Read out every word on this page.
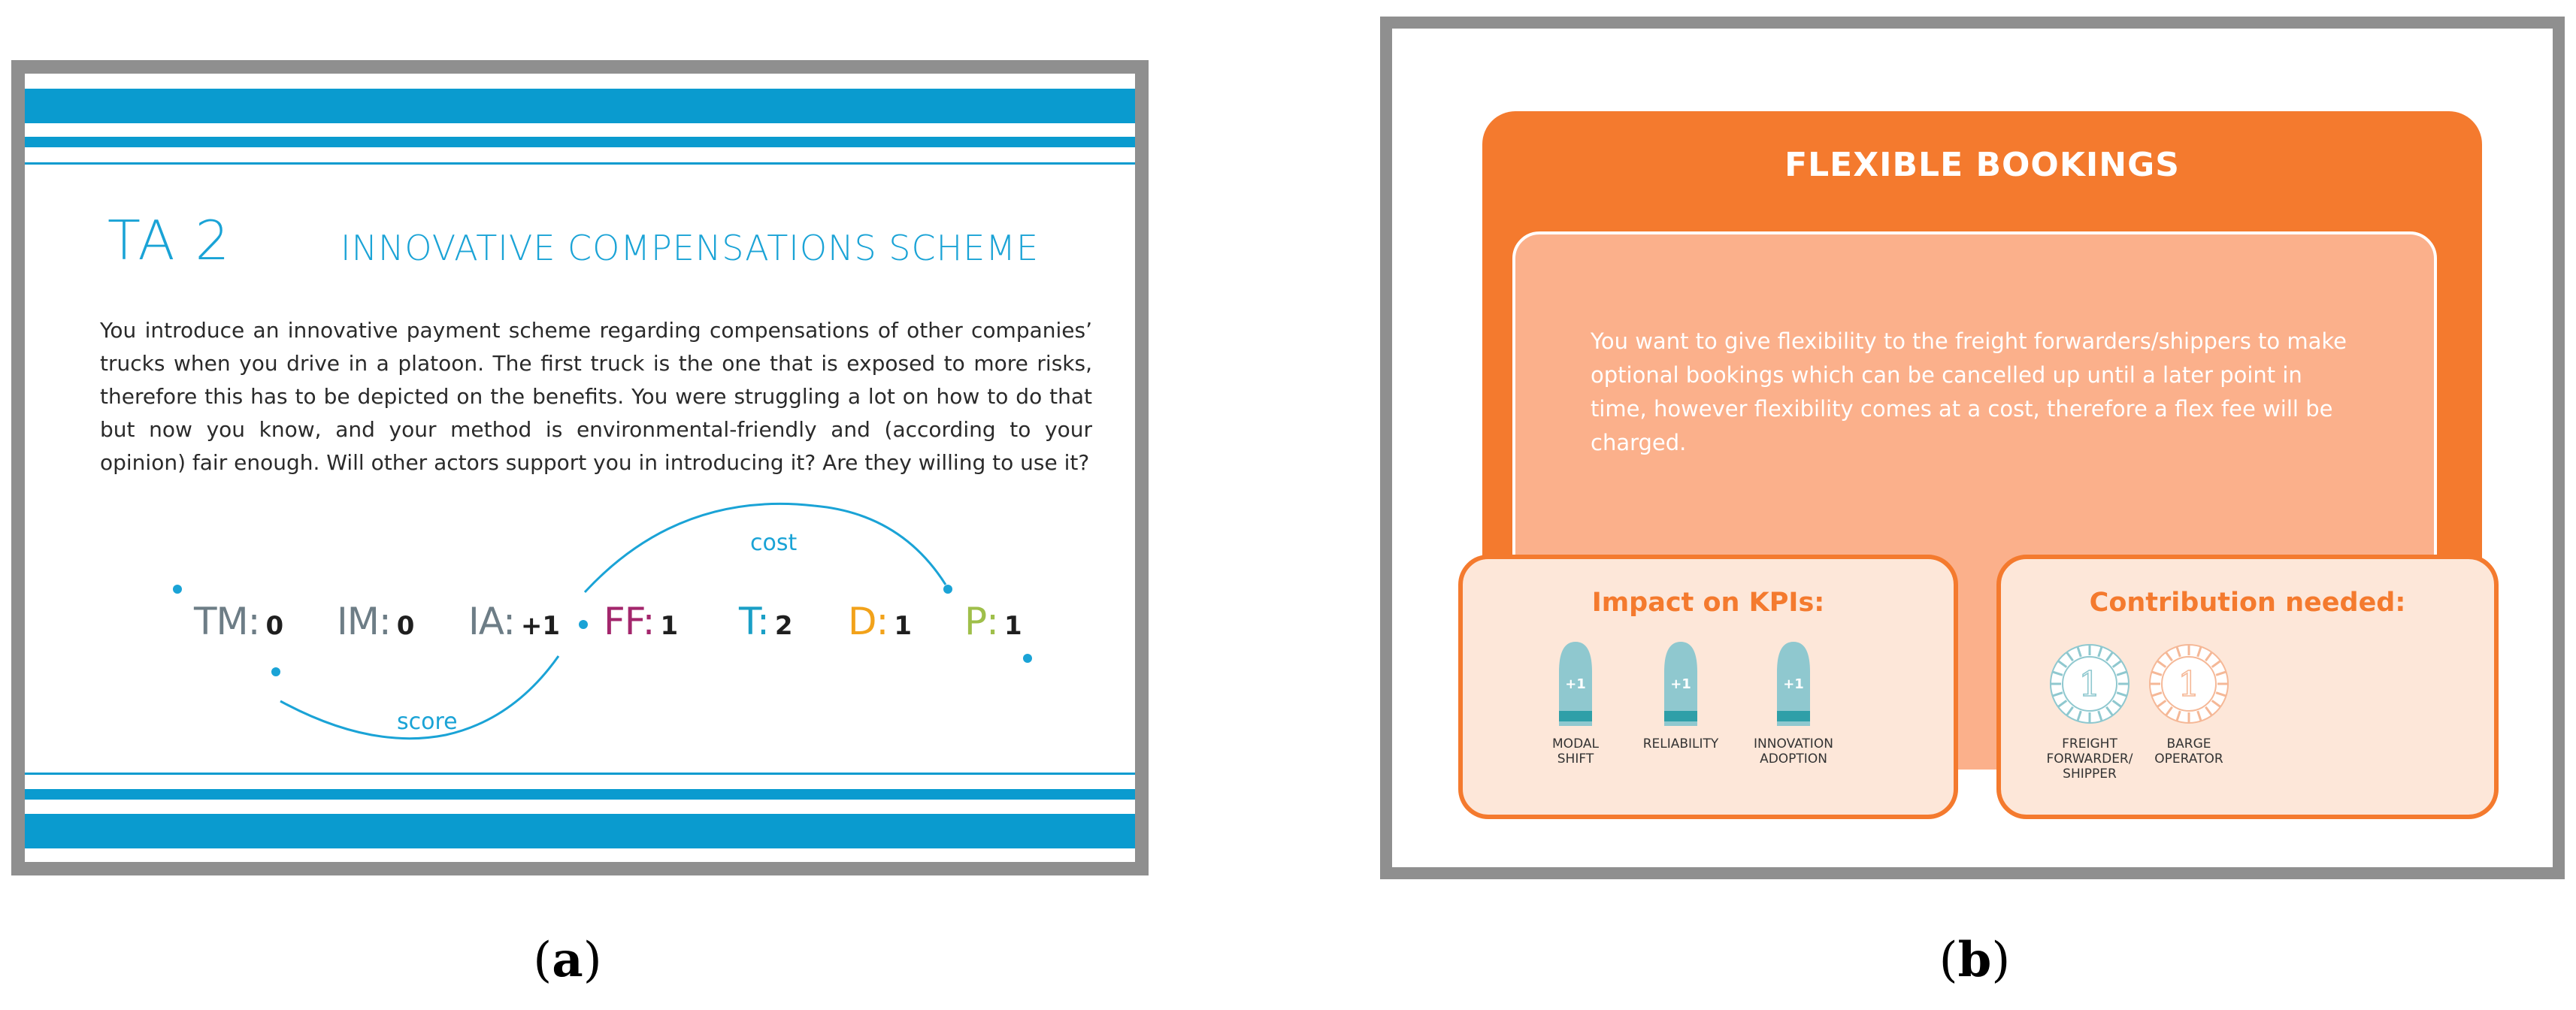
TA 2	INNOVATIVE COMPENSATIONS SCHEME
You introduce an innovative payment scheme regarding compensations of other companies’ trucks when you drive in a platoon. The first truck is the one that is exposed to more risks, therefore this has to be depicted on the benefits. You were struggling a lot on how to do that but now you know, and your method is environmental-friendly and (according to your opinion) fair enough. Will other actors support you in introducing it? Are they willing to use it?
cost
score
TM: 0 IM: 0 IA: +1 FF: 1 T: 2 D: 1 P: 1
FLEXIBLE BOOKINGS
You want to give flexibility to the freight forwarders/shippers to make optional bookings which can be cancelled up until a later point in time, however flexibility comes at a cost, therefore a flex fee will be charged.
Impact on KPIs:
+1
MODAL
SHIFT
+1
RELIABILITY
+1
INNOVATION
ADOPTION
Contribution needed:
1
FREIGHT
FORWARDER/
SHIPPER
1
BARGE
OPERATOR
(a)	(b)
